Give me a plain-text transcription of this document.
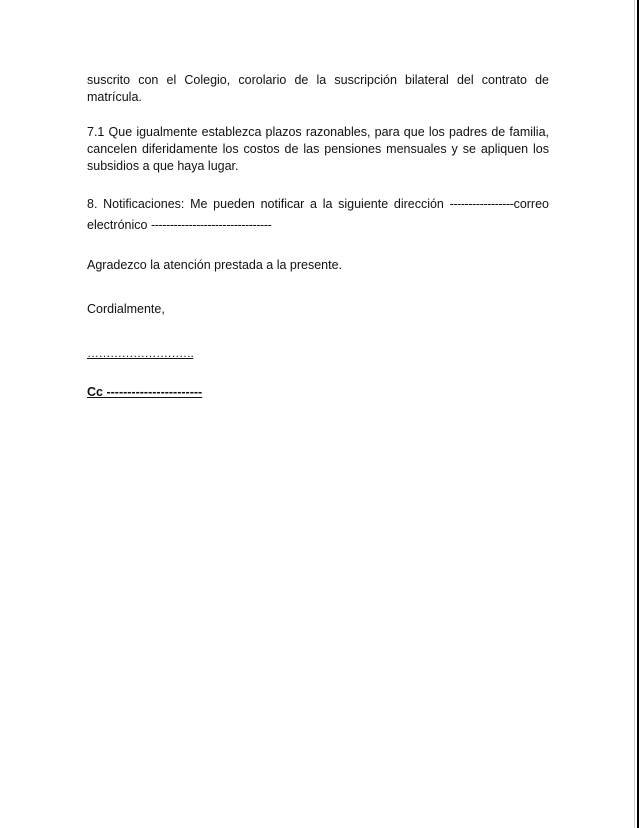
suscrito con el Colegio, corolario de la suscripción bilateral del contrato de matrícula.

7.1 Que igualmente establezca plazos razonables, para que los padres de familia, cancelen diferidamente los costos de las pensiones mensuales y se apliquen los subsidios a que haya lugar.

8. Notificaciones: Me pueden notificar a la siguiente dirección -----------------correo electrónico --------------------------------

Agradezco la atención prestada a la presente.

Cordialmente,

……………………….

Cc -----------------------
